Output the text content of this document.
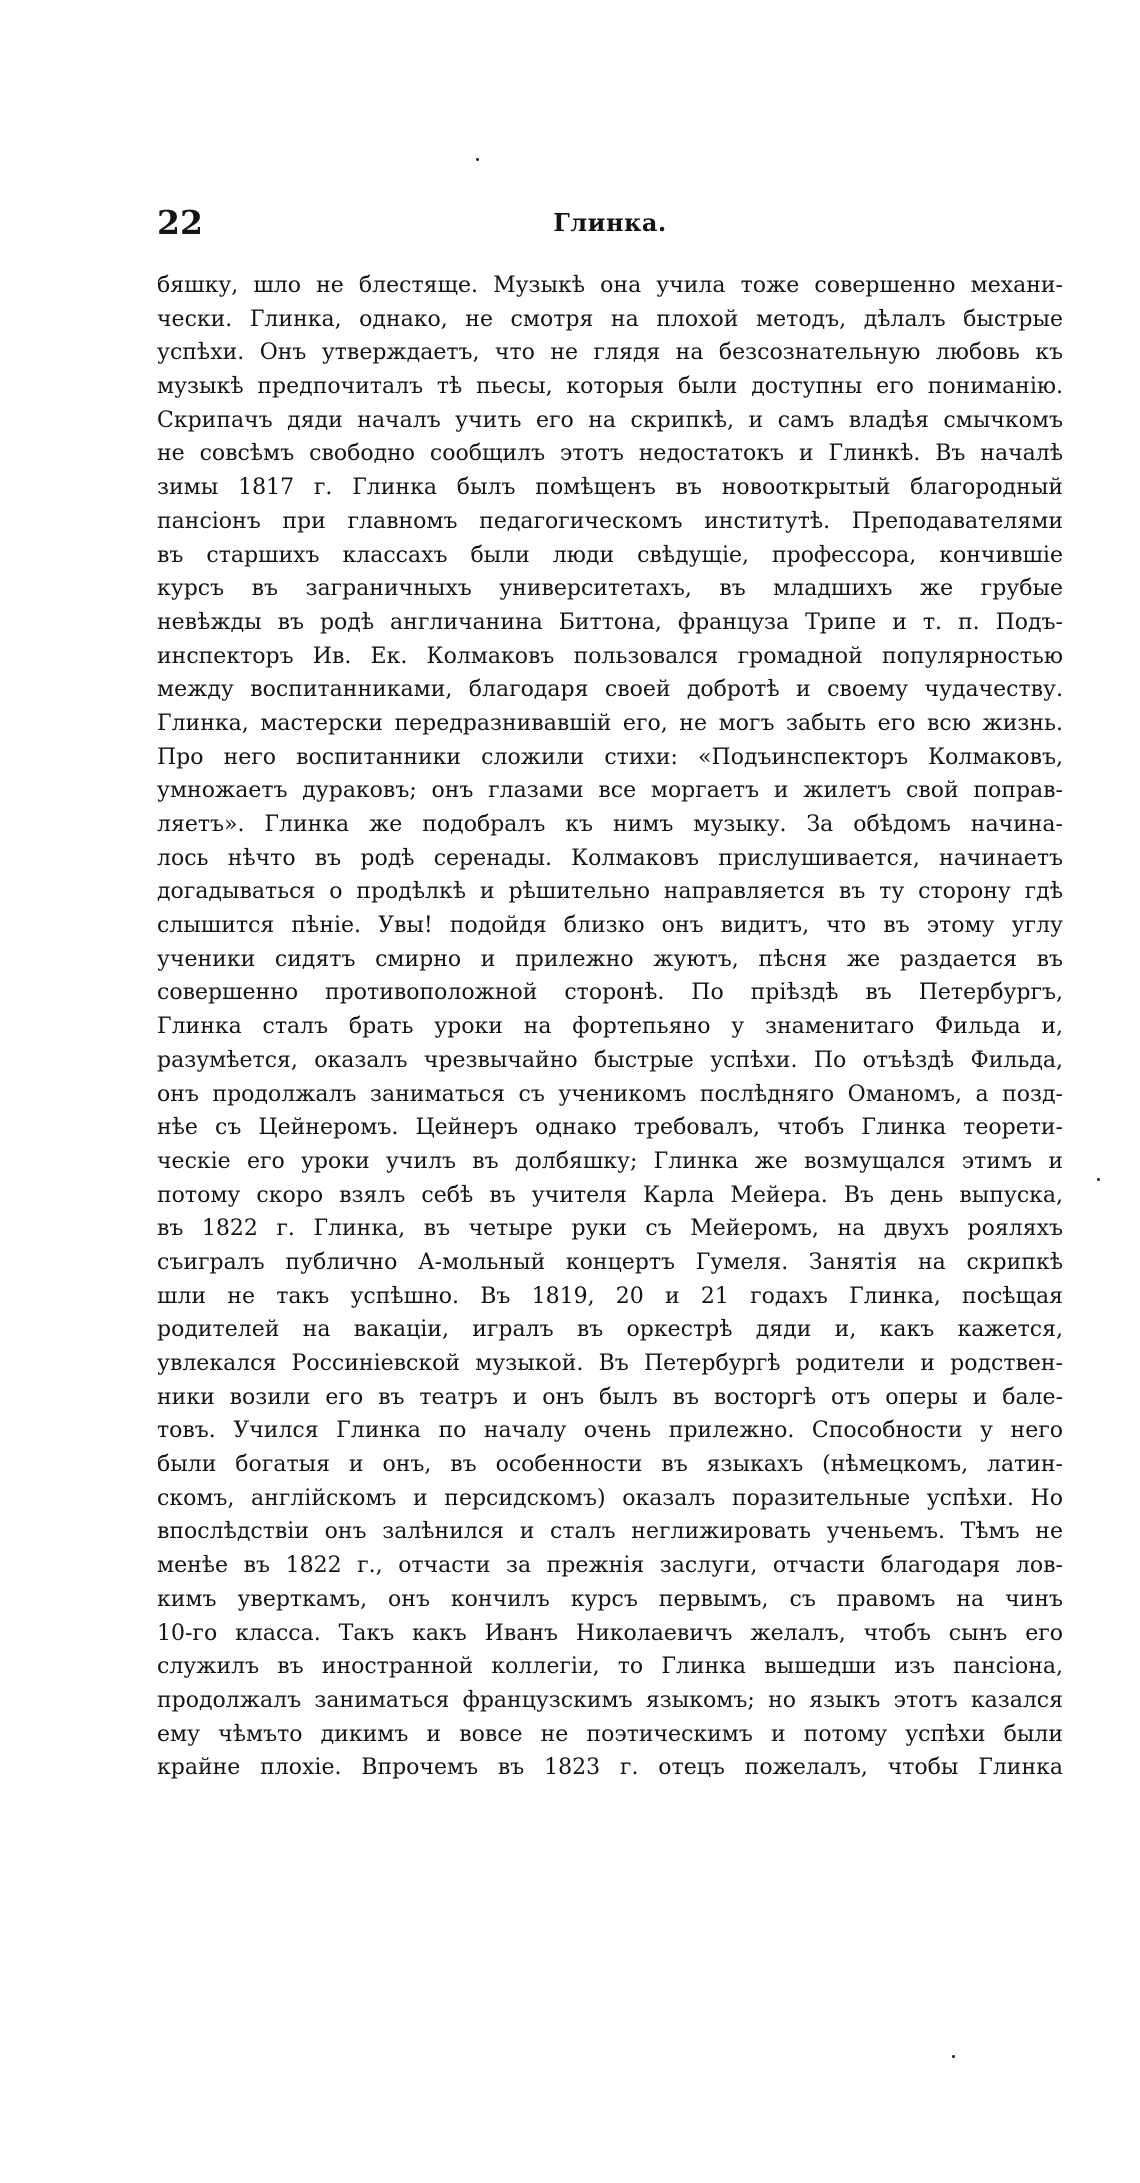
22	Глинка.
бяшку, шло не блестяще. Музыкѣ она учила тоже совершенно механи-
чески. Глинка, однако, не смотря на плохой методъ, дѣлалъ быстрые
успѣхи. Онъ утверждаетъ, что не глядя на безсознательную любовь къ
музыкѣ предпочиталъ тѣ пьесы, которыя были доступны его пониманію.
Скрипачъ дяди началъ учить его на скрипкѣ, и самъ владѣя смычкомъ
не совсѣмъ свободно сообщилъ этотъ недостатокъ и Глинкѣ. Въ началѣ
зимы 1817 г. Глинка былъ помѣщенъ въ новооткрытый благородный
пансіонъ при главномъ педагогическомъ институтѣ. Преподавателями
въ старшихъ классахъ были люди свѣдущіе, профессора, кончившіе
курсъ въ заграничныхъ университетахъ, въ младшихъ же грубые
невѣжды въ родѣ англичанина Биттона, француза Трипе и т. п. Подъ-
инспекторъ Ив. Ек. Колмаковъ пользовался громадной популярностью
между воспитанниками, благодаря своей добротѣ и своему чудачеству.
Глинка, мастерски передразнивавшій его, не могъ забыть его всю жизнь.
Про него воспитанники сложили стихи: «Подъинспекторъ Колмаковъ,
умножаетъ дураковъ; онъ глазами все моргаетъ и жилетъ свой поправ-
ляетъ». Глинка же подобралъ къ нимъ музыку. За обѣдомъ начина-
лось нѣчто въ родѣ серенады. Колмаковъ прислушивается, начинаетъ
догадываться о продѣлкѣ и рѣшительно направляется въ ту сторону гдѣ
слышится пѣніе. Увы! подойдя близко онъ видитъ, что въ этому углу
ученики сидятъ смирно и прилежно жуютъ, пѣсня же раздается въ
совершенно противоположной сторонѣ. По пріѣздѣ въ Петербургъ,
Глинка сталъ брать уроки на фортепьяно у знаменитаго Фильда и,
разумѣется, оказалъ чрезвычайно быстрые успѣхи. По отъѣздѣ Фильда,
онъ продолжалъ заниматься съ ученикомъ послѣдняго Оманомъ, а позд-
нѣе съ Цейнеромъ. Цейнеръ однако требовалъ, чтобъ Глинка теорети-
ческіе его уроки училъ въ долбяшку; Глинка же возмущался этимъ и
потому скоро взялъ себѣ въ учителя Карла Мейера. Въ день выпуска,
въ 1822 г. Глинка, въ четыре руки съ Мейеромъ, на двухъ рояляхъ
съигралъ публично А-мольный концертъ Гумеля. Занятія на скрипкѣ
шли не такъ успѣшно. Въ 1819, 20 и 21 годахъ Глинка, посѣщая
родителей на вакаціи, игралъ въ оркестрѣ дяди и, какъ кажется,
увлекался Россиніевской музыкой. Въ Петербургѣ родители и родствен-
ники возили его въ театръ и онъ былъ въ восторгѣ отъ оперы и бале-
товъ. Учился Глинка по началу очень прилежно. Способности у него
были богатыя и онъ, въ особенности въ языкахъ (нѣмецкомъ, латин-
скомъ, англійскомъ и персидскомъ) оказалъ поразительные успѣхи. Но
впослѣдствіи онъ залѣнился и сталъ неглижировать ученьемъ. Тѣмъ не
менѣе въ 1822 г., отчасти за прежнія заслуги, отчасти благодаря лов-
кимъ уверткамъ, онъ кончилъ курсъ первымъ, съ правомъ на чинъ
10-го класса. Такъ какъ Иванъ Николаевичъ желалъ, чтобъ сынъ его
служилъ въ иностранной коллегіи, то Глинка вышедши изъ пансіона,
продолжалъ заниматься французскимъ языкомъ; но языкъ этотъ казался
ему чѣмъто дикимъ и вовсе не поэтическимъ и потому успѣхи были
крайне плохіе. Впрочемъ въ 1823 г. отецъ пожелалъ, чтобы Глинка
